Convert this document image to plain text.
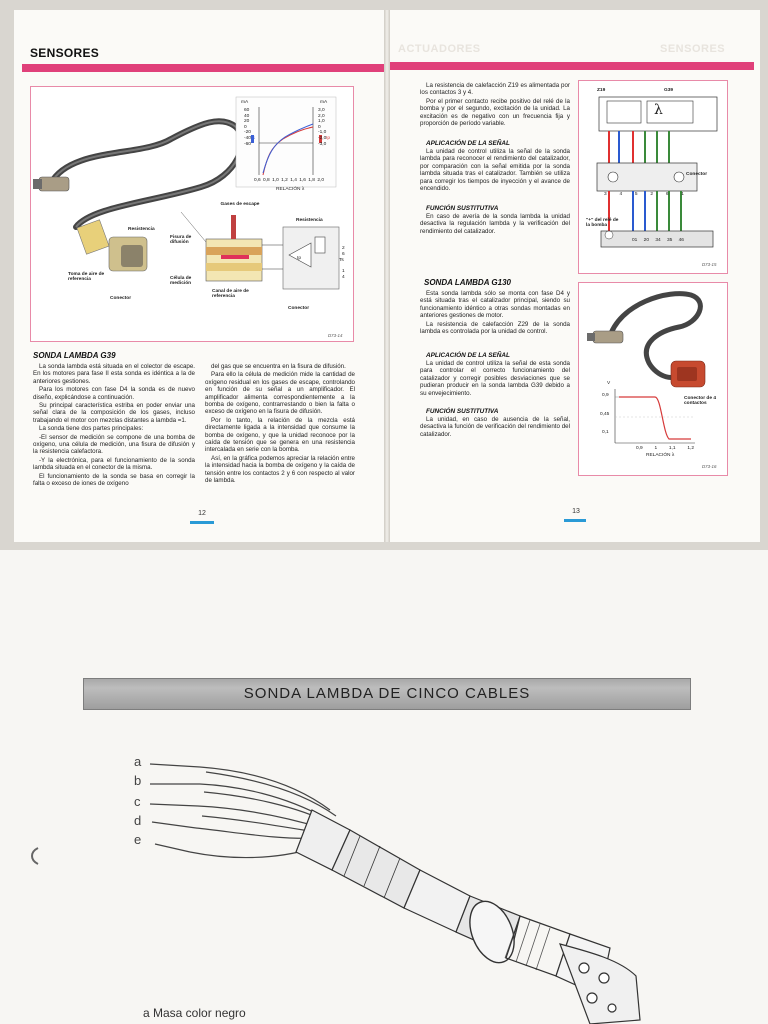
SENSORES	ACTUADORES	SENSORES
mA	mA
60
40
20
0
-20
-40
-60
3,0
2,0
1,0
0
-1,0
-2,0
-3,0
Ts	Ip
0,6 0,8 1,0 1,2 1,4 1,6 1,8 2,0
RELACIÓN λ
Gases de escape
Resistencia
Resistencia
Fisura de difusión
Toma de aire de referencia	Célula de medición
Canal de aire de referencia
Conector
Conector
Ip	Ts
2
6
1
4
D73-14
SONDA LAMBDA G39

La sonda lambda está situada en el colector de escape. En los motores para fase II esta sonda es idéntica a la de anteriores gestiones.

Para los motores con fase D4 la sonda es de nuevo diseño, explicándose a continuación.

Su principal característica estriba en poder enviar una señal clara de la composición de los gases, incluso trabajando el motor con mezclas distantes a lambda =1.

La sonda tiene dos partes principales:

-El sensor de medición se compone de una bomba de oxígeno, una célula de medición, una fisura de difusión y la resistencia calefactora.

-Y la electrónica, para el funcionamiento de la sonda lambda situada en el conector de la misma.

El funcionamiento de la sonda se basa en corregir la falta o exceso de iones de oxígeno

del gas que se encuentra en la fisura de difusión.

Para ello la célula de medición mide la cantidad de oxígeno residual en los gases de escape, controlando en función de su señal a un amplificador. El amplificador alimenta correspondientemente a la bomba de oxígeno, contrarrestando o bien la falta o exceso de oxígeno en la fisura de difusión.

Por lo tanto, la relación de la mezcla está directamente ligada a la intensidad que consume la bomba de oxígeno, y que la unidad reconoce por la caída de tensión que se genera en una resistencia intercalada en serie con la bomba.

Así, en la gráfica podemos apreciar la relación entre la intensidad hacia la bomba de oxígeno y la caída de tensión entre los contactos 2 y 6 con respecto al valor de lambda.

12

La resistencia de calefacción Z19 es alimentada por los contactos 3 y 4.

Por el primer contacto recibe positivo del relé de la bomba y por el segundo, excitación de la unidad. La excitación es de negativo con un frecuencia fija y proporción de período variable.

APLICACIÓN DE LA SEÑAL

La unidad de control utiliza la señal de la sonda lambda para reconocer el rendimiento del catalizador, por comparación con la señal emitida por la sonda lambda situada tras el catalizador. También se utiliza para corregir los tiempos de inyección y el avance de encendido.

FUNCIÓN SUSTITUTIVA

En caso de avería de la sonda lambda la unidad desactiva la regulación lambda y la verificación del rendimiento del catalizador.

Z19	G39
λ
Conector
"+" del relé de la bomba
3	4	5	2	6	1
01 20 34 35 46
D73-15
SONDA LAMBDA G130

Esta sonda lambda sólo se monta con fase D4 y está situada tras el catalizador principal, siendo su funcionamiento idéntico a otras sondas montadas en anteriores gestiones de motor.

La resistencia de calefacción Z29 de la sonda lambda es controlada por la unidad de control.

APLICACIÓN DE LA SEÑAL

La unidad de control utiliza la señal de esta sonda para controlar el correcto funcionamiento del catalizador y corregir posibles desviaciones que se pudieran producir en la sonda lambda G39 debido a su envejecimiento.

FUNCIÓN SUSTITUTIVA

La unidad, en caso de ausencia de la señal, desactiva la función de verificación del rendimiento del catalizador.

V
0,9
0,45
0,1
0,9 1 1,1 1,2
RELACIÓN λ
Conector de 4 contactos
D73-16
13
SONDA LAMBDA DE CINCO CABLES
a
b
c
d
e
a Masa color negro
